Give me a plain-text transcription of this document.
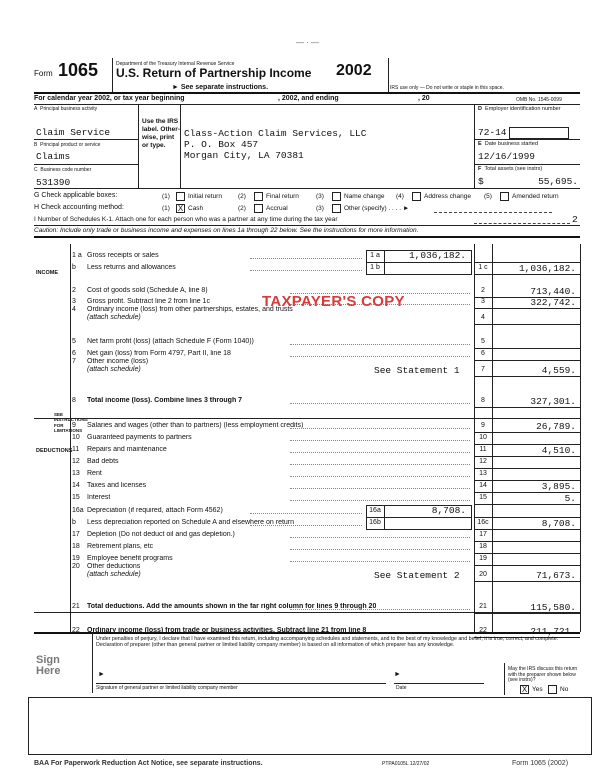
Form 1065	Department of the Treasury Internal Revenue Service
U.S. Return of Partnership Income
► See separate instructions.
2002
IRS use only — Do not write or staple in this space.
— · —
For calendar year 2002, or tax year beginning	, 2002, and ending	, 20	OMB No. 1545-0099
A  Principal business activity
Claim Service
B  Principal product or service
Claims
C  Business code number
531390
Use the IRS label. Other-wise, print or type.
Class-Action Claim Services, LLC
P. O. Box 457
Morgan City, LA 70381
D Employer identification number
72-14
E Date business started
12/16/1999
F Total assets (see instrs)
$	55,695.
G Check applicable boxes:	(1)	Initial return (2)	Final return	(3)	Name change (4)	Address change (5)	Amended return
H Check accounting method:	(1) X Cash	(2)	Accrual	(3)	Other (specify) . . . . ►
I Number of Schedules K-1. Attach one for each person who was a partner at any time during the tax year	2
Caution: Include only trade or business income and expenses on lines 1a through 22 below. See the instructions for more information.
INCOME
DEDUCTIONS
SEE INSTRUCTIONS FOR LIMITATIONS
1 a Gross receipts or sales	1 a	1,036,182.
b Less returns and allowances	1 b	1 c	1,036,182.
2 Cost of goods sold (Schedule A, line 8)	2	713,440.
3 Gross profit. Subtract line 2 from line 1c	3	322,742.
4 Ordinary income (loss) from other partnerships, estates, and trusts
(attach schedule)	4
5 Net farm profit (loss) (attach Schedule F (Form 1040))	5
6 Net gain (loss) from Form 4797, Part II, line 18	6
7 Other income (loss)
(attach schedule)	See Statement 1	7	4,559.
8 Total income (loss). Combine lines 3 through 7	8	327,301.
9 Salaries and wages (other than to partners) (less employment credits)	9	26,789.
10 Guaranteed payments to partners	10
11 Repairs and maintenance	11	4,510.
12 Bad debts	12
13 Rent	13
14 Taxes and licenses	14	3,895.
15 Interest	15	5.
16a Depreciation (if required, attach Form 4562)	16a	8,708.
b Less depreciation reported on Schedule A and elsewhere on return	16b	16c	8,708.
17 Depletion (Do not deduct oil and gas depletion.)	17
18 Retirement plans, etc	18
19 Employee benefit programs	19
20 Other deductions
(attach schedule)	See Statement 2	20	71,673.
21 Total deductions. Add the amounts shown in the far right column for lines 9 through 20	21	115,580.
22 Ordinary income (loss) from trade or business activities. Subtract line 21 from line 8	22	211,721.
TAXPAYER'S COPY
Sign Here
Under penalties of perjury, I declare that I have examined this return, including accompanying schedules and statements, and to the best of my knowledge and belief, it is true, correct, and complete. Declaration of preparer (other than general partner or limited liability company member) is based on all information of which preparer has any knowledge.
►
Signature of general partner or limited liability company member
►
Date
May the IRS discuss this return with the preparer shown below (see instrs)?
X Yes	No
BAA For Paperwork Reduction Act Notice, see separate instructions.	PTPA0105L 12/27/02	Form 1065 (2002)
